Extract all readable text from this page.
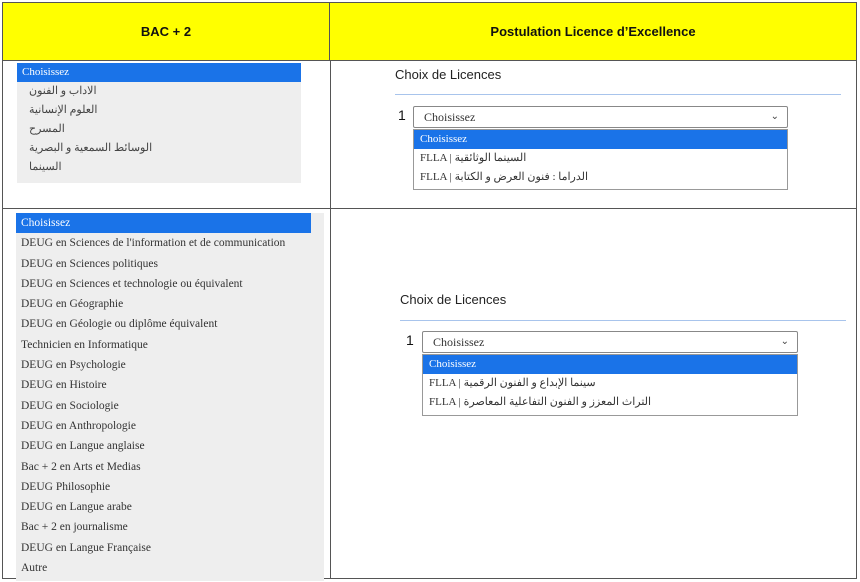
BAC + 2	Postulation Licence d’Excellence
Choisissez
الاداب و الفنون
العلوم الإنسانية
المسرح
الوسائط السمعية و البصرية
السينما
Choisissez
DEUG en Sciences de l'information et de communication
DEUG en Sciences politiques
DEUG en Sciences et technologie ou équivalent
DEUG en Géographie
DEUG en Géologie ou diplôme équivalent
Technicien en Informatique
DEUG en Psychologie
DEUG en Histoire
DEUG en Sociologie
DEUG en Anthropologie
DEUG en Langue anglaise
Bac + 2 en Arts et Medias
DEUG Philosophie
DEUG en Langue arabe
Bac + 2 en journalisme
DEUG en Langue Française
Autre
Choix de Licences
1	Choisissez	⌄
Choisissez
FLLA | السينما الوثائقية
FLLA | الدراما : فنون العرض و الكتابة
Choix de Licences
1	Choisissez	⌄
Choisissez
FLLA | سينما الإبداع و الفنون الرقمية
FLLA | التراث المعزز و الفنون التفاعلية المعاصرة
